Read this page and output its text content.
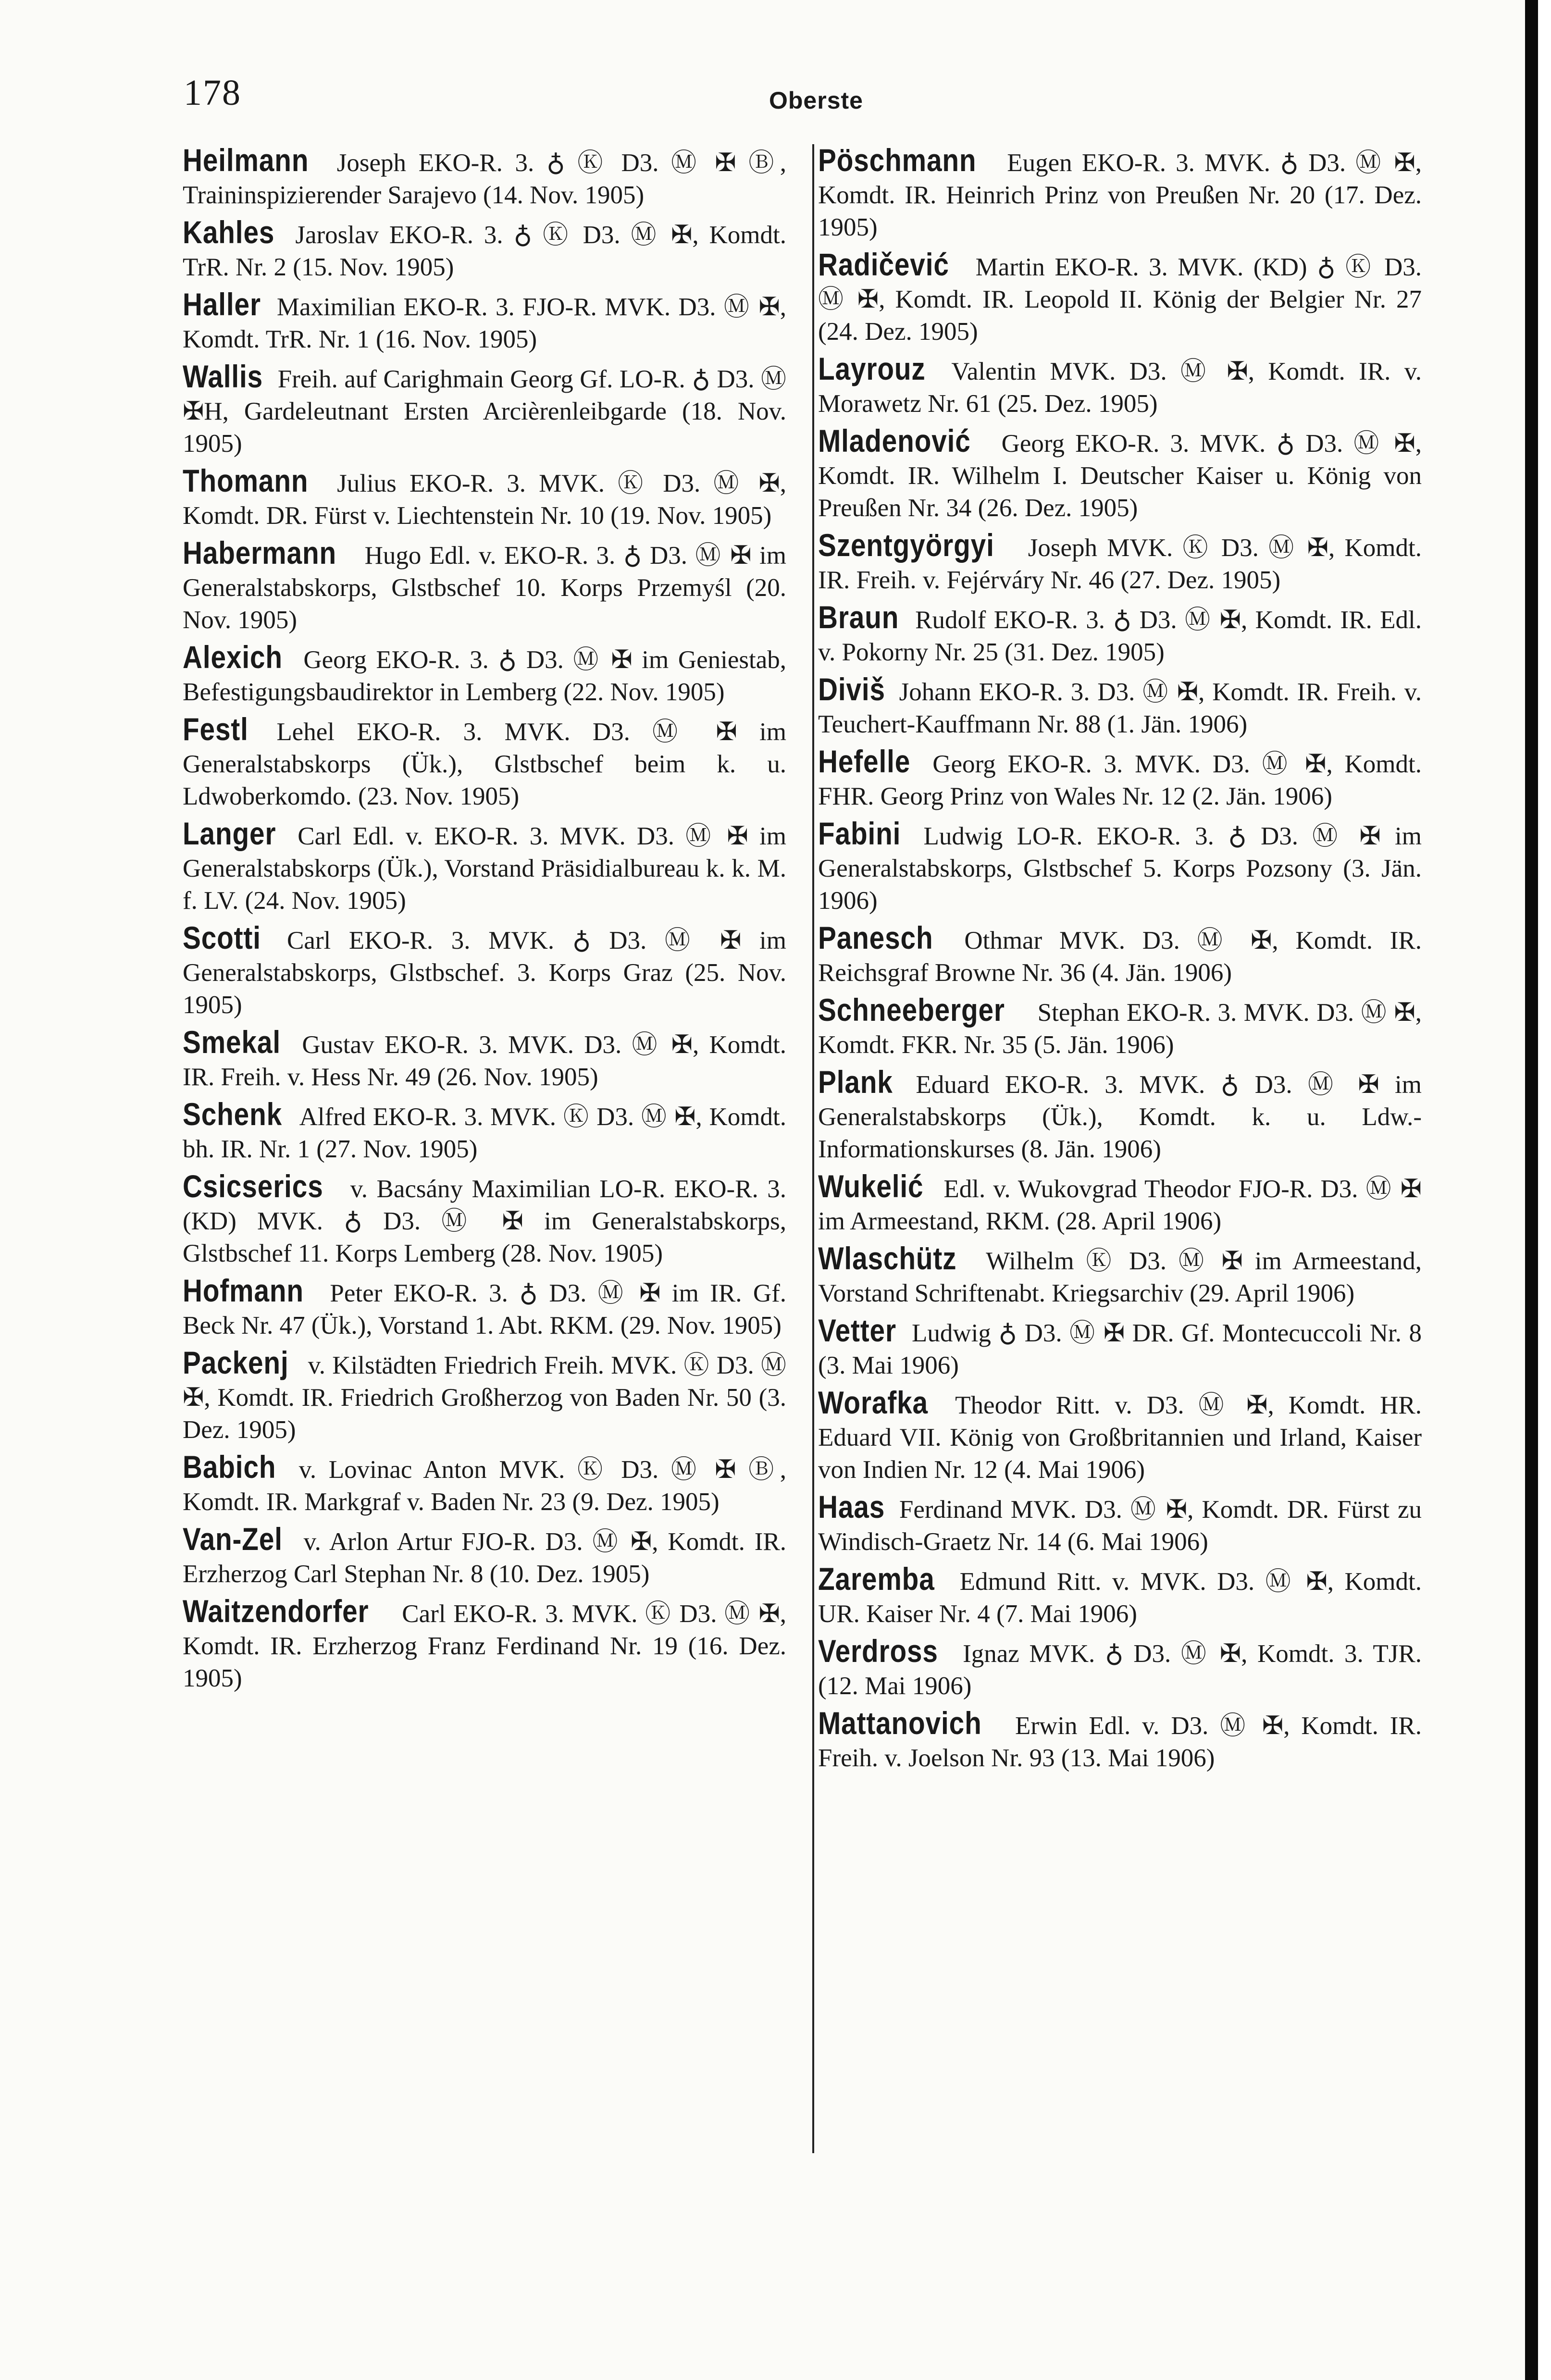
178	Oberste
Heilmann Joseph EKO-R. 3. ♁ Ⓚ D3. Ⓜ ✠ Ⓑ, Traininspizierender Sarajevo (14. Nov. 1905)
Kahles Jaroslav EKO-R. 3. ♁ Ⓚ D3. Ⓜ ✠, Komdt. TrR. Nr. 2 (15. Nov. 1905)
Haller Maximilian EKO-R. 3. FJO-R. MVK. D3. Ⓜ ✠, Komdt. TrR. Nr. 1 (16. Nov. 1905)
Wallis Freih. auf Carighmain Georg Gf. LO-R. ♁ D3. Ⓜ ✠H, Gardeleutnant Ersten Arcièrenleibgarde (18. Nov. 1905)
Thomann Julius EKO-R. 3. MVK. Ⓚ D3. Ⓜ ✠, Komdt. DR. Fürst v. Liechtenstein Nr. 10 (19. Nov. 1905)
Habermann Hugo Edl. v. EKO-R. 3. ♁ D3. Ⓜ ✠ im Generalstabskorps, Glstbschef 10. Korps Przemyśl (20. Nov. 1905)
Alexich Georg EKO-R. 3. ♁ D3. Ⓜ ✠ im Geniestab, Befestigungsbaudirektor in Lemberg (22. Nov. 1905)
Festl Lehel EKO-R. 3. MVK. D3. Ⓜ ✠ im Generalstabskorps (Ük.), Glstbschef beim k. u. Ldwoberkomdo. (23. Nov. 1905)
Langer Carl Edl. v. EKO-R. 3. MVK. D3. Ⓜ ✠ im Generalstabskorps (Ük.), Vorstand Präsidialbureau k. k. M. f. LV. (24. Nov. 1905)
Scotti Carl EKO-R. 3. MVK. ♁ D3. Ⓜ ✠ im Generalstabskorps, Glstbschef. 3. Korps Graz (25. Nov. 1905)
Smekal Gustav EKO-R. 3. MVK. D3. Ⓜ ✠, Komdt. IR. Freih. v. Hess Nr. 49 (26. Nov. 1905)
Schenk Alfred EKO-R. 3. MVK. Ⓚ D3. Ⓜ ✠, Komdt. bh. IR. Nr. 1 (27. Nov. 1905)
Csicserics v. Bacsány Maximilian LO-R. EKO-R. 3. (KD) MVK. ♁ D3. Ⓜ ✠ im Generalstabskorps, Glstbschef 11. Korps Lemberg (28. Nov. 1905)
Hofmann Peter EKO-R. 3. ♁ D3. Ⓜ ✠ im IR. Gf. Beck Nr. 47 (Ük.), Vorstand 1. Abt. RKM. (29. Nov. 1905)
Packenj v. Kilstädten Friedrich Freih. MVK. Ⓚ D3. Ⓜ ✠, Komdt. IR. Friedrich Großherzog von Baden Nr. 50 (3. Dez. 1905)
Babich v. Lovinac Anton MVK. Ⓚ D3. Ⓜ ✠ Ⓑ, Komdt. IR. Markgraf v. Baden Nr. 23 (9. Dez. 1905)
Van-Zel v. Arlon Artur FJO-R. D3. Ⓜ ✠, Komdt. IR. Erzherzog Carl Stephan Nr. 8 (10. Dez. 1905)
Waitzendorfer Carl EKO-R. 3. MVK. Ⓚ D3. Ⓜ ✠, Komdt. IR. Erzherzog Franz Ferdinand Nr. 19 (16. Dez. 1905)
Pöschmann Eugen EKO-R. 3. MVK. ♁ D3. Ⓜ ✠, Komdt. IR. Heinrich Prinz von Preußen Nr. 20 (17. Dez. 1905)
Radičević Martin EKO-R. 3. MVK. (KD) ♁ Ⓚ D3. Ⓜ ✠, Komdt. IR. Leopold II. König der Belgier Nr. 27 (24. Dez. 1905)
Layrouz Valentin MVK. D3. Ⓜ ✠, Komdt. IR. v. Morawetz Nr. 61 (25. Dez. 1905)
Mladenović Georg EKO-R. 3. MVK. ♁ D3. Ⓜ ✠, Komdt. IR. Wilhelm I. Deutscher Kaiser u. König von Preußen Nr. 34 (26. Dez. 1905)
Szentgyörgyi Joseph MVK. Ⓚ D3. Ⓜ ✠, Komdt. IR. Freih. v. Fejérváry Nr. 46 (27. Dez. 1905)
Braun Rudolf EKO-R. 3. ♁ D3. Ⓜ ✠, Komdt. IR. Edl. v. Pokorny Nr. 25 (31. Dez. 1905)
Diviš Johann EKO-R. 3. D3. Ⓜ ✠, Komdt. IR. Freih. v. Teuchert-Kauffmann Nr. 88 (1. Jän. 1906)
Hefelle Georg EKO-R. 3. MVK. D3. Ⓜ ✠, Komdt. FHR. Georg Prinz von Wales Nr. 12 (2. Jän. 1906)
Fabini Ludwig LO-R. EKO-R. 3. ♁ D3. Ⓜ ✠ im Generalstabskorps, Glstbschef 5. Korps Pozsony (3. Jän. 1906)
Panesch Othmar MVK. D3. Ⓜ ✠, Komdt. IR. Reichsgraf Browne Nr. 36 (4. Jän. 1906)
Schneeberger Stephan EKO-R. 3. MVK. D3. Ⓜ ✠, Komdt. FKR. Nr. 35 (5. Jän. 1906)
Plank Eduard EKO-R. 3. MVK. ♁ D3. Ⓜ ✠ im Generalstabskorps (Ük.), Komdt. k. u. Ldw.-Informationskurses (8. Jän. 1906)
Wukelić Edl. v. Wukovgrad Theodor FJO-R. D3. Ⓜ ✠ im Armeestand, RKM. (28. April 1906)
Wlaschütz Wilhelm Ⓚ D3. Ⓜ ✠ im Armeestand, Vorstand Schriftenabt. Kriegsarchiv (29. April 1906)
Vetter Ludwig ♁ D3. Ⓜ ✠ DR. Gf. Montecuccoli Nr. 8 (3. Mai 1906)
Worafka Theodor Ritt. v. D3. Ⓜ ✠, Komdt. HR. Eduard VII. König von Großbritannien und Irland, Kaiser von Indien Nr. 12 (4. Mai 1906)
Haas Ferdinand MVK. D3. Ⓜ ✠, Komdt. DR. Fürst zu Windisch-Graetz Nr. 14 (6. Mai 1906)
Zaremba Edmund Ritt. v. MVK. D3. Ⓜ ✠, Komdt. UR. Kaiser Nr. 4 (7. Mai 1906)
Verdross Ignaz MVK. ♁ D3. Ⓜ ✠, Komdt. 3. TJR. (12. Mai 1906)
Mattanovich Erwin Edl. v. D3. Ⓜ ✠, Komdt. IR. Freih. v. Joelson Nr. 93 (13. Mai 1906)
